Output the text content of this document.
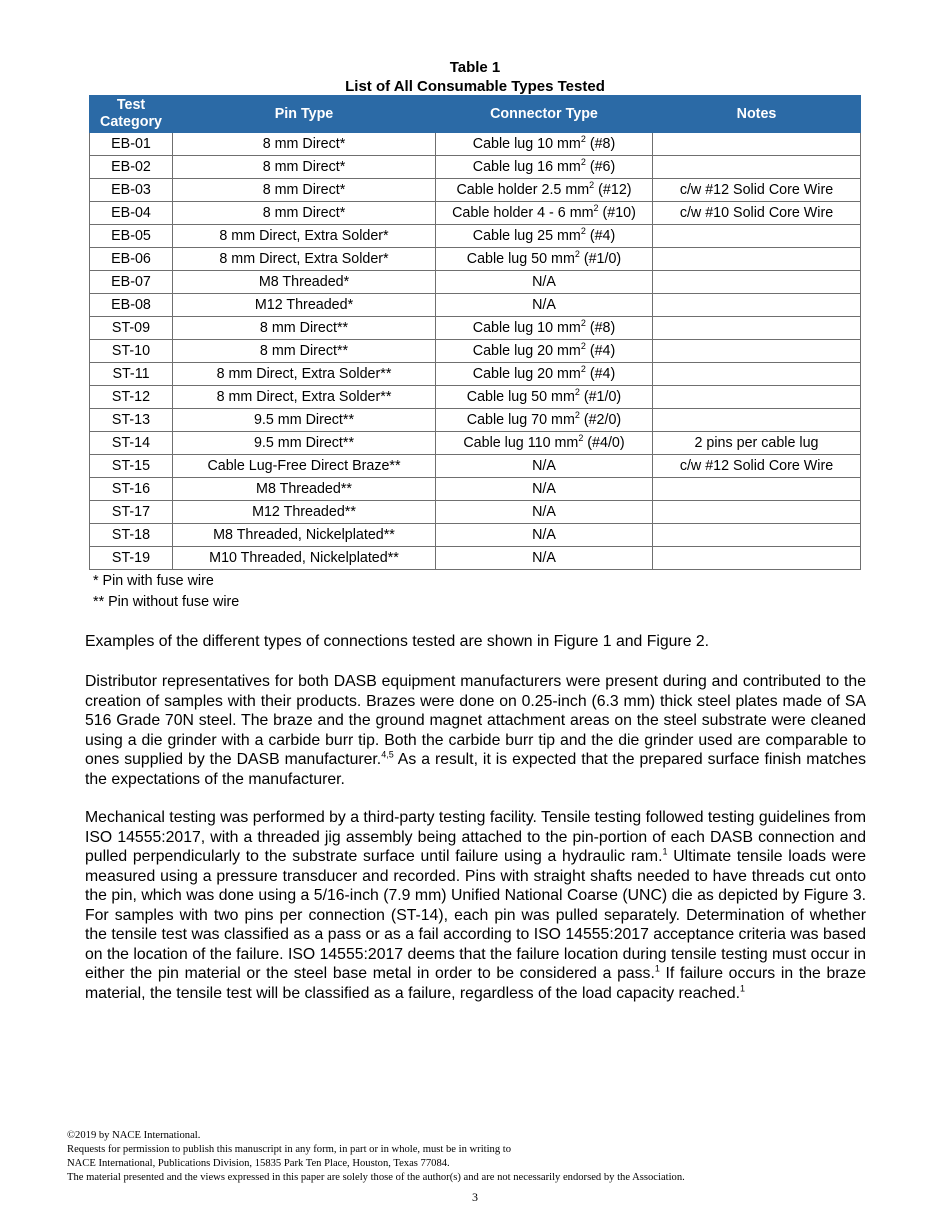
Table 1
List of All Consumable Types Tested
Test Category	Pin Type	Connector Type	Notes
EB-01	8 mm Direct*	Cable lug 10 $mm^2$ (#8)	
EB-02	8 mm Direct*	Cable lug 16 $mm^2$ (#6)	
EB-03	8 mm Direct*	Cable holder 2.5 $mm^2$ (#12)	c/w #12 Solid Core Wire
EB-04	8 mm Direct*	Cable holder 4 - 6 $mm^2$ (#10)	c/w #10 Solid Core Wire
EB-05	8 mm Direct, Extra Solder*	Cable lug 25 $mm^2$ (#4)	
EB-06	8 mm Direct, Extra Solder*	Cable lug 50 $mm^2$ (#1/0)	
EB-07	M8 Threaded*	N/A	
EB-08	M12 Threaded*	N/A	
ST-09	8 mm Direct**	Cable lug 10 $mm^2$ (#8)	
ST-10	8 mm Direct**	Cable lug 20 $mm^2$ (#4)	
ST-11	8 mm Direct, Extra Solder**	Cable lug 20 $mm^2$ (#4)	
ST-12	8 mm Direct, Extra Solder**	Cable lug 50 $mm^2$ (#1/0)	
ST-13	9.5 mm Direct**	Cable lug 70 $mm^2$ (#2/0)	
ST-14	9.5 mm Direct**	Cable lug 110 $mm^2$ (#4/0)	2 pins per cable lug
ST-15	Cable Lug-Free Direct Braze**	N/A	c/w #12 Solid Core Wire
ST-16	M8 Threaded**	N/A	
ST-17	M12 Threaded**	N/A	
ST-18	M8 Threaded, Nickelplated**	N/A	
ST-19	M10 Threaded, Nickelplated**	N/A	
* Pin with fuse wire
** Pin without fuse wire

Examples of the different types of connections tested are shown in Figure 1 and Figure 2.

Distributor representatives for both DASB equipment manufacturers were present during and contributed to the creation of samples with their products. Brazes were done on 0.25-inch (6.3 mm) thick steel plates made of SA 516 Grade 70N steel. The braze and the ground magnet attachment areas on the steel substrate were cleaned using a die grinder with a carbide burr tip. Both the carbide burr tip and the die grinder used are comparable to ones supplied by the DASB manufacturer.$^{4,5}$ As a result, it is expected that the prepared surface finish matches the expectations of the manufacturer.

Mechanical testing was performed by a third-party testing facility. Tensile testing followed testing guidelines from ISO 14555:2017, with a threaded jig assembly being attached to the pin-portion of each DASB connection and pulled perpendicularly to the substrate surface until failure using a hydraulic ram.$^1$ Ultimate tensile loads were measured using a pressure transducer and recorded. Pins with straight shafts needed to have threads cut onto the pin, which was done using a 5/16-inch (7.9 mm) Unified National Coarse (UNC) die as depicted by Figure 3. For samples with two pins per connection (ST-14), each pin was pulled separately. Determination of whether the tensile test was classified as a pass or as a fail according to ISO 14555:2017 acceptance criteria was based on the location of the failure. ISO 14555:2017 deems that the failure location during tensile testing must occur in either the pin material or the steel base metal in order to be considered a pass.$^1$ If failure occurs in the braze material, the tensile test will be classified as a failure, regardless of the load capacity reached.$^1$

©2019 by NACE International.
Requests for permission to publish this manuscript in any form, in part or in whole, must be in writing to
NACE International, Publications Division, 15835 Park Ten Place, Houston, Texas 77084.
The material presented and the views expressed in this paper are solely those of the author(s) and are not necessarily endorsed by the Association.
3
